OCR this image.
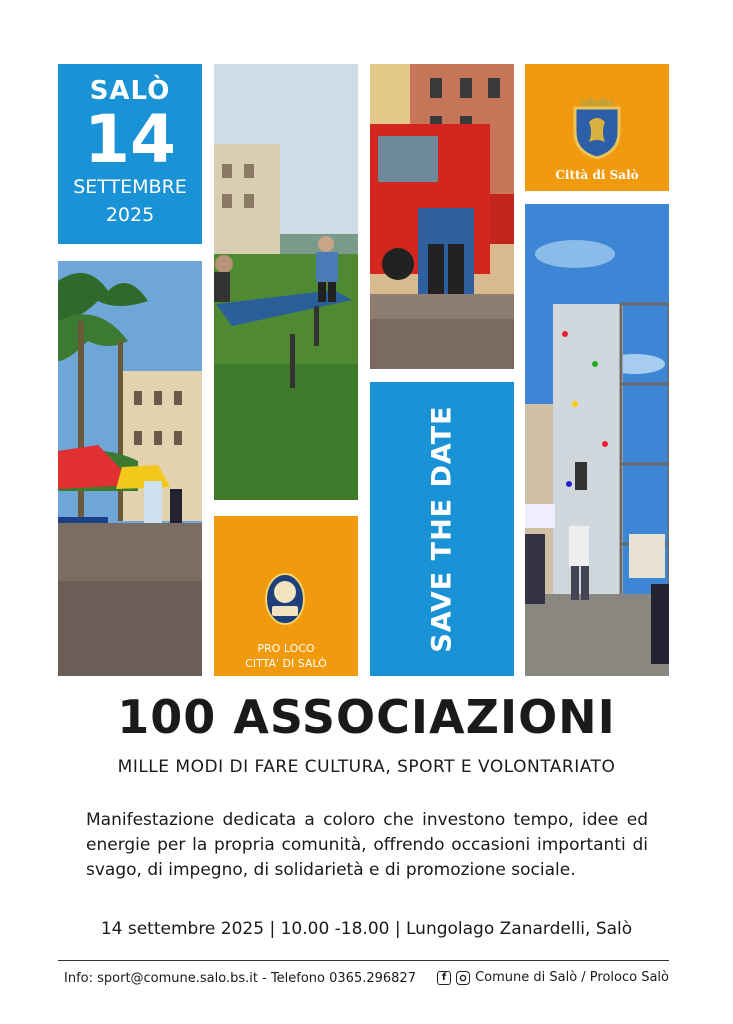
SALÒ
14
SETTEMBRE
2025
Città di Salò
PRO LOCO
CITTA' DI SALÒ
SAVE THE DATE
100 ASSOCIAZIONI
MILLE MODI DI FARE CULTURA, SPORT E VOLONTARIATO

Manifestazione dedicata a coloro che investono tempo, idee ed energie per la propria comunità, offrendo occasioni importanti di svago, di impegno, di solidarietà e di promozione sociale.

14 settembre 2025 | 10.00 -18.00 | Lungolago Zanardelli, Salò
Info: sport@comune.salo.bs.it - Telefono 0365.296827	f	Comune di Salò / Proloco Salò
